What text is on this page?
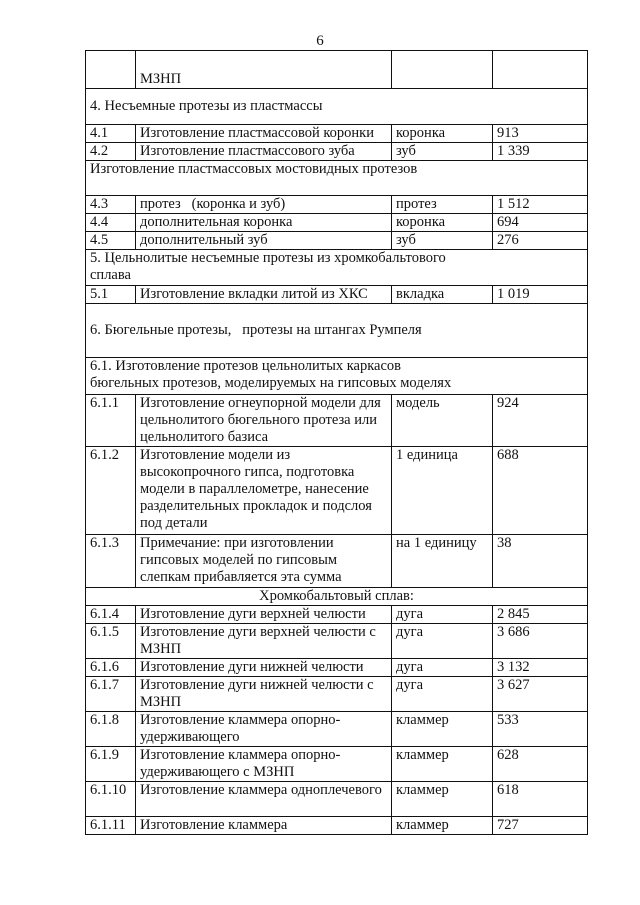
6
	МЗНП		
4. Несъемные протезы из пластмассы			
4.1	Изготовление пластмассовой коронки	коронка	913
4.2	Изготовление пластмассового зуба	зуб	1 339
Изготовление пластмассовых мостовидных протезов			
4.3	протез   (коронка и зуб)	протез	1 512
4.4	дополнительная коронка	коронка	694
4.5	дополнительный зуб	зуб	276
5. Цельнолитые несъемные протезы из хромкобальтового сплава			
5.1	Изготовление вкладки литой из ХКС	вкладка	1 019
6. Бюгельные протезы,   протезы на штангах Румпеля			
6.1. Изготовление протезов цельнолитых каркасов бюгельных протезов, моделируемых на гипсовых моделях			
6.1.1	Изготовление огнеупорной модели для цельнолитого бюгельного протеза или цельнолитого базиса	модель	924
6.1.2	Изготовление модели из высокопрочного гипса, подготовка модели в параллелометре, нанесение разделительных прокладок и подслоя под детали	1 единица	688
6.1.3	Примечание: при изготовлении гипсовых моделей по гипсовым слепкам прибавляется эта сумма	на 1 единицу	38
Хромкобальтовый сплав:			
6.1.4	Изготовление дуги верхней челюсти	дуга	2 845
6.1.5	Изготовление дуги верхней челюсти с МЗНП	дуга	3 686
6.1.6	Изготовление дуги нижней челюсти	дуга	3 132
6.1.7	Изготовление дуги нижней челюсти с МЗНП	дуга	3 627
6.1.8	Изготовление кламмера опорно-удерживающего	кламмер	533
6.1.9	Изготовление кламмера опорно-удерживающего с МЗНП	кламмер	628
6.1.10	Изготовление кламмера одноплечевого	кламмер	618
6.1.11	Изготовление кламмера	кламмер	727
